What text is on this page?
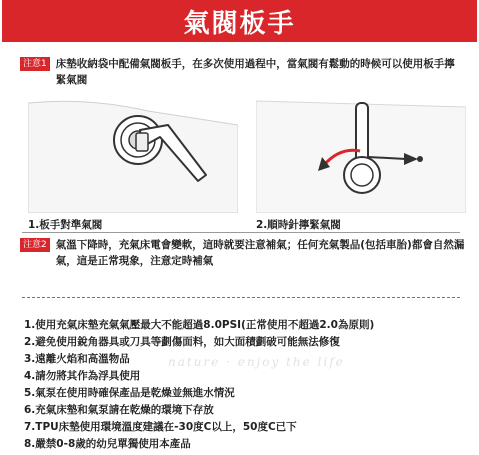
氣閥板手
注意1 床墊收納袋中配備氣閥板手，在多次使用過程中，當氣閥有鬆動的時候可以使用板手擰緊氣閥
1.板手對準氣閥	2.順時針擰緊氣閥
注意2 氣溫下降時，充氣床電會變軟，這時就要注意補氣；任何充氣製品(包括車胎)都會自然漏氣，這是正常現象，注意定時補氣
nature · enjoy the life
1.使用充氣床墊充氣氣壓最大不能超過8.0PSI(正常使用不超過2.0為原則)
2.避免使用銳角器具或刀具等劃傷面料，如大面積劃破可能無法修復
3.遠離火焰和高溫物品
4.請勿將其作為浮具使用
5.氣泵在使用時確保產品是乾燥並無進水情況
6.充氣床墊和氣泵請在乾燥的環境下存放
7.TPU床墊使用環境溫度建議在-30度C以上，50度C已下
8.嚴禁0-8歲的幼兒單獨使用本產品
